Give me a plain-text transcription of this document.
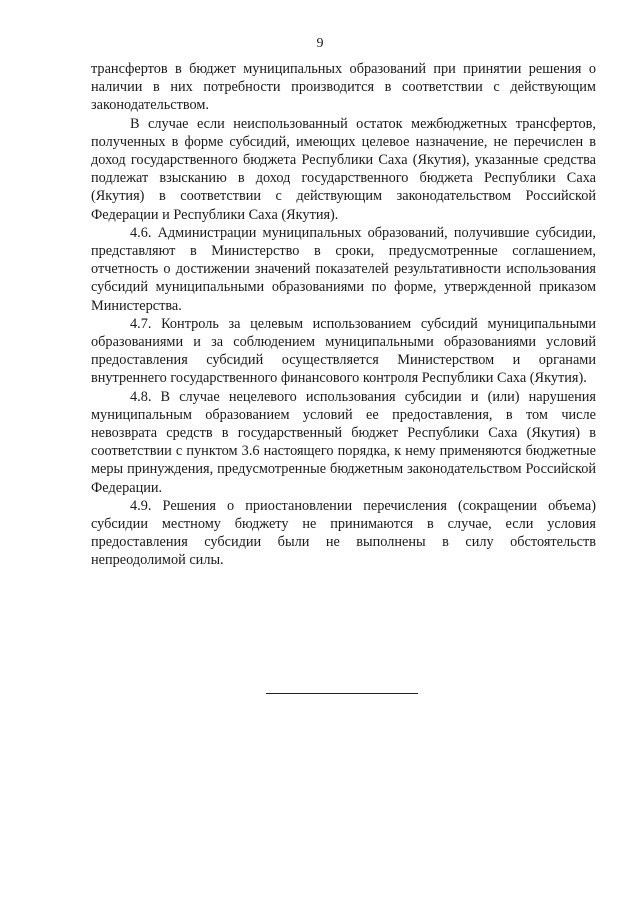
9

трансфертов в бюджет муниципальных образований при принятии решения о наличии в них потребности производится в соответствии с действующим законодательством.

В случае если неиспользованный остаток межбюджетных трансфертов, полученных в форме субсидий, имеющих целевое назначение, не перечислен в доход государственного бюджета Республики Саха (Якутия), указанные средства подлежат взысканию в доход государственного бюджета Республики Саха (Якутия) в соответствии с действующим законодательством Российской Федерации и Республики Саха (Якутия).

4.6. Администрации муниципальных образований, получившие субсидии, представляют в Министерство в сроки, предусмотренные соглашением, отчетность о достижении значений показателей результативности использования субсидий муниципальными образованиями по форме, утвержденной приказом Министерства.

4.7. Контроль за целевым использованием субсидий муниципальными образованиями и за соблюдением муниципальными образованиями условий предоставления субсидий осуществляется Министерством и органами внутреннего государственного финансового контроля Республики Саха (Якутия).

4.8. В случае нецелевого использования субсидии и (или) нарушения муниципальным образованием условий ее предоставления, в том числе невозврата средств в государственный бюджет Республики Саха (Якутия) в соответствии с пунктом 3.6 настоящего порядка, к нему применяются бюджетные меры принуждения, предусмотренные бюджетным законодательством Российской Федерации.

4.9. Решения о приостановлении перечисления (сокращении объема) субсидии местному бюджету не принимаются в случае, если условия предоставления субсидии были не выполнены в силу обстоятельств непреодолимой силы.
